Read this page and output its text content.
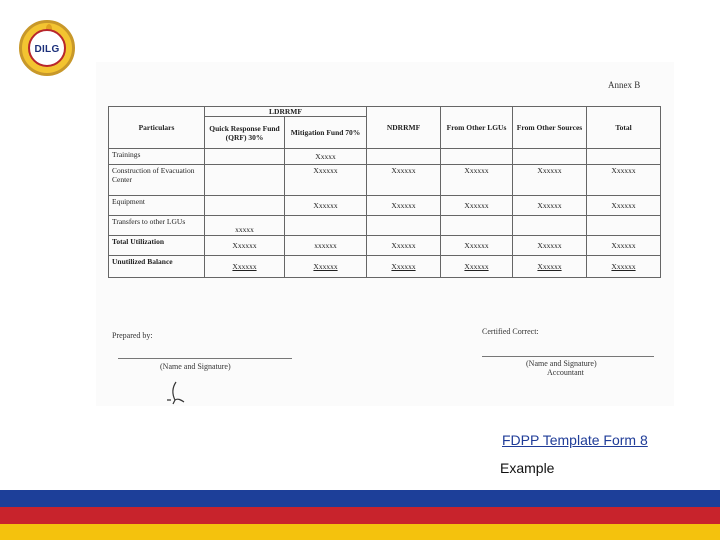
DILG
Annex B
Particulars	LDRRMF		NDRRMF	From Other LGUs	From Other Sources	Total
	Quick Response Fund (QRF) 30%	Mitigation Fund 70%				
Trainings		Xxxxx				
Construction of Evacuation Center		Xxxxxx	Xxxxxx	Xxxxxx	Xxxxxx	Xxxxxx
Equipment		Xxxxxx	Xxxxxx	Xxxxxx	Xxxxxx	Xxxxxx
Transfers to other LGUs	xxxxx					
Total Utilization	Xxxxxx	xxxxxx	Xxxxxx	Xxxxxx	Xxxxxx	Xxxxxx
Unutilized Balance	Xxxxxx	Xxxxxx	Xxxxxx	Xxxxxx	Xxxxxx	Xxxxxx
Prepared by:
(Name and Signature)
Certified Correct:
(Name and Signature)
Accountant
FDPP Template Form 8
Example
